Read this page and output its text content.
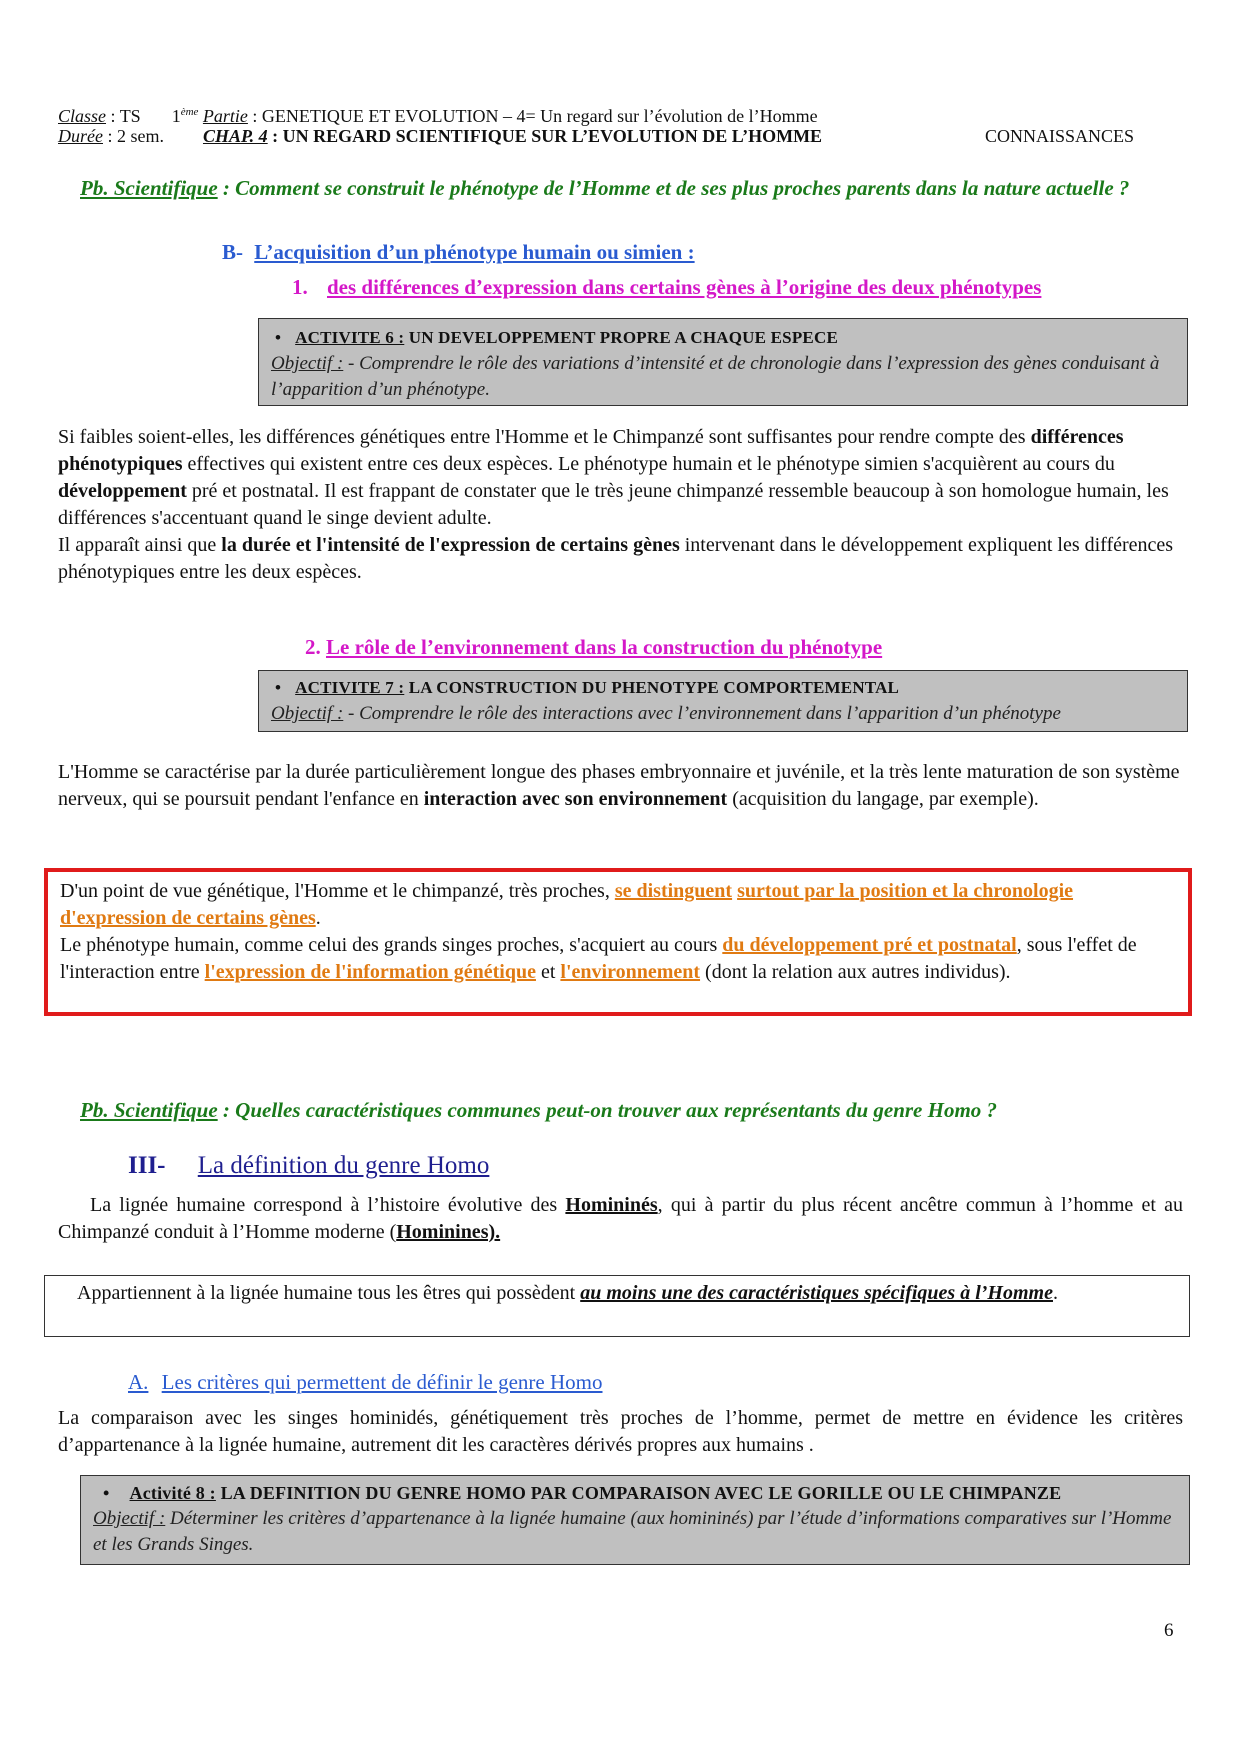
Classe : TS 1ème Partie : GENETIQUE ET EVOLUTION – 4= Un regard sur l’évolution de l’Homme
Durée : 2 sem. CHAP. 4 : UN REGARD SCIENTIFIQUE SUR L’EVOLUTION DE L’HOMME	CONNAISSANCES
Pb. Scientifique : Comment se construit le phénotype de l’Homme et de ses plus proches parents dans la nature actuelle ?
B- L’acquisition d’un phénotype humain ou simien :
1. des différences d’expression dans certains gènes à l’origine des deux phénotypes
• ACTIVITE 6 : UN DEVELOPPEMENT PROPRE A CHAQUE ESPECE
Objectif : - Comprendre le rôle des variations d’intensité et de chronologie dans l’expression des gènes conduisant à l’apparition d’un phénotype.
Si faibles soient-elles, les différences génétiques entre l'Homme et le Chimpanzé sont suffisantes pour rendre compte des différences phénotypiques effectives qui existent entre ces deux espèces. Le phénotype humain et le phénotype simien s'acquièrent au cours du développement pré et postnatal. Il est frappant de constater que le très jeune chimpanzé ressemble beaucoup à son homologue humain, les différences s'accentuant quand le singe devient adulte.
Il apparaît ainsi que la durée et l'intensité de l'expression de certains gènes intervenant dans le développement expliquent les différences phénotypiques entre les deux espèces.
2. Le rôle de l’environnement dans la construction du phénotype
• ACTIVITE 7 : LA CONSTRUCTION DU PHENOTYPE COMPORTEMENTAL
Objectif : - Comprendre le rôle des interactions avec l’environnement dans l’apparition d’un phénotype
L'Homme se caractérise par la durée particulièrement longue des phases embryonnaire et juvénile, et la très lente maturation de son système nerveux, qui se poursuit pendant l'enfance en interaction avec son environnement (acquisition du langage, par exemple).
D'un point de vue génétique, l'Homme et le chimpanzé, très proches, se distinguent surtout par la position et la chronologie d'expression de certains gènes.
Le phénotype humain, comme celui des grands singes proches, s'acquiert au cours du développement pré et postnatal, sous l'effet de l'interaction entre l'expression de l'information génétique et l'environnement (dont la relation aux autres individus).
Pb. Scientifique : Quelles caractéristiques communes peut-on trouver aux représentants du genre Homo ?
III- La définition du genre Homo
La lignée humaine correspond à l’histoire évolutive des Homininés, qui à partir du plus récent ancêtre commun à l’homme et au Chimpanzé conduit à l’Homme moderne (Hominines).
Appartiennent à la lignée humaine tous les êtres qui possèdent au moins une des caractéristiques spécifiques à l’Homme.
A. Les critères qui permettent de définir le genre Homo
La comparaison avec les singes hominidés, génétiquement très proches de l’homme, permet de mettre en évidence les critères d’appartenance à la lignée humaine, autrement dit les caractères dérivés propres aux humains .
• Activité 8 : LA DEFINITION DU GENRE HOMO PAR COMPARAISON AVEC LE GORILLE OU LE CHIMPANZE
Objectif : Déterminer les critères d’appartenance à la lignée humaine (aux homininés) par l’étude d’informations comparatives sur l’Homme et les Grands Singes.
6
